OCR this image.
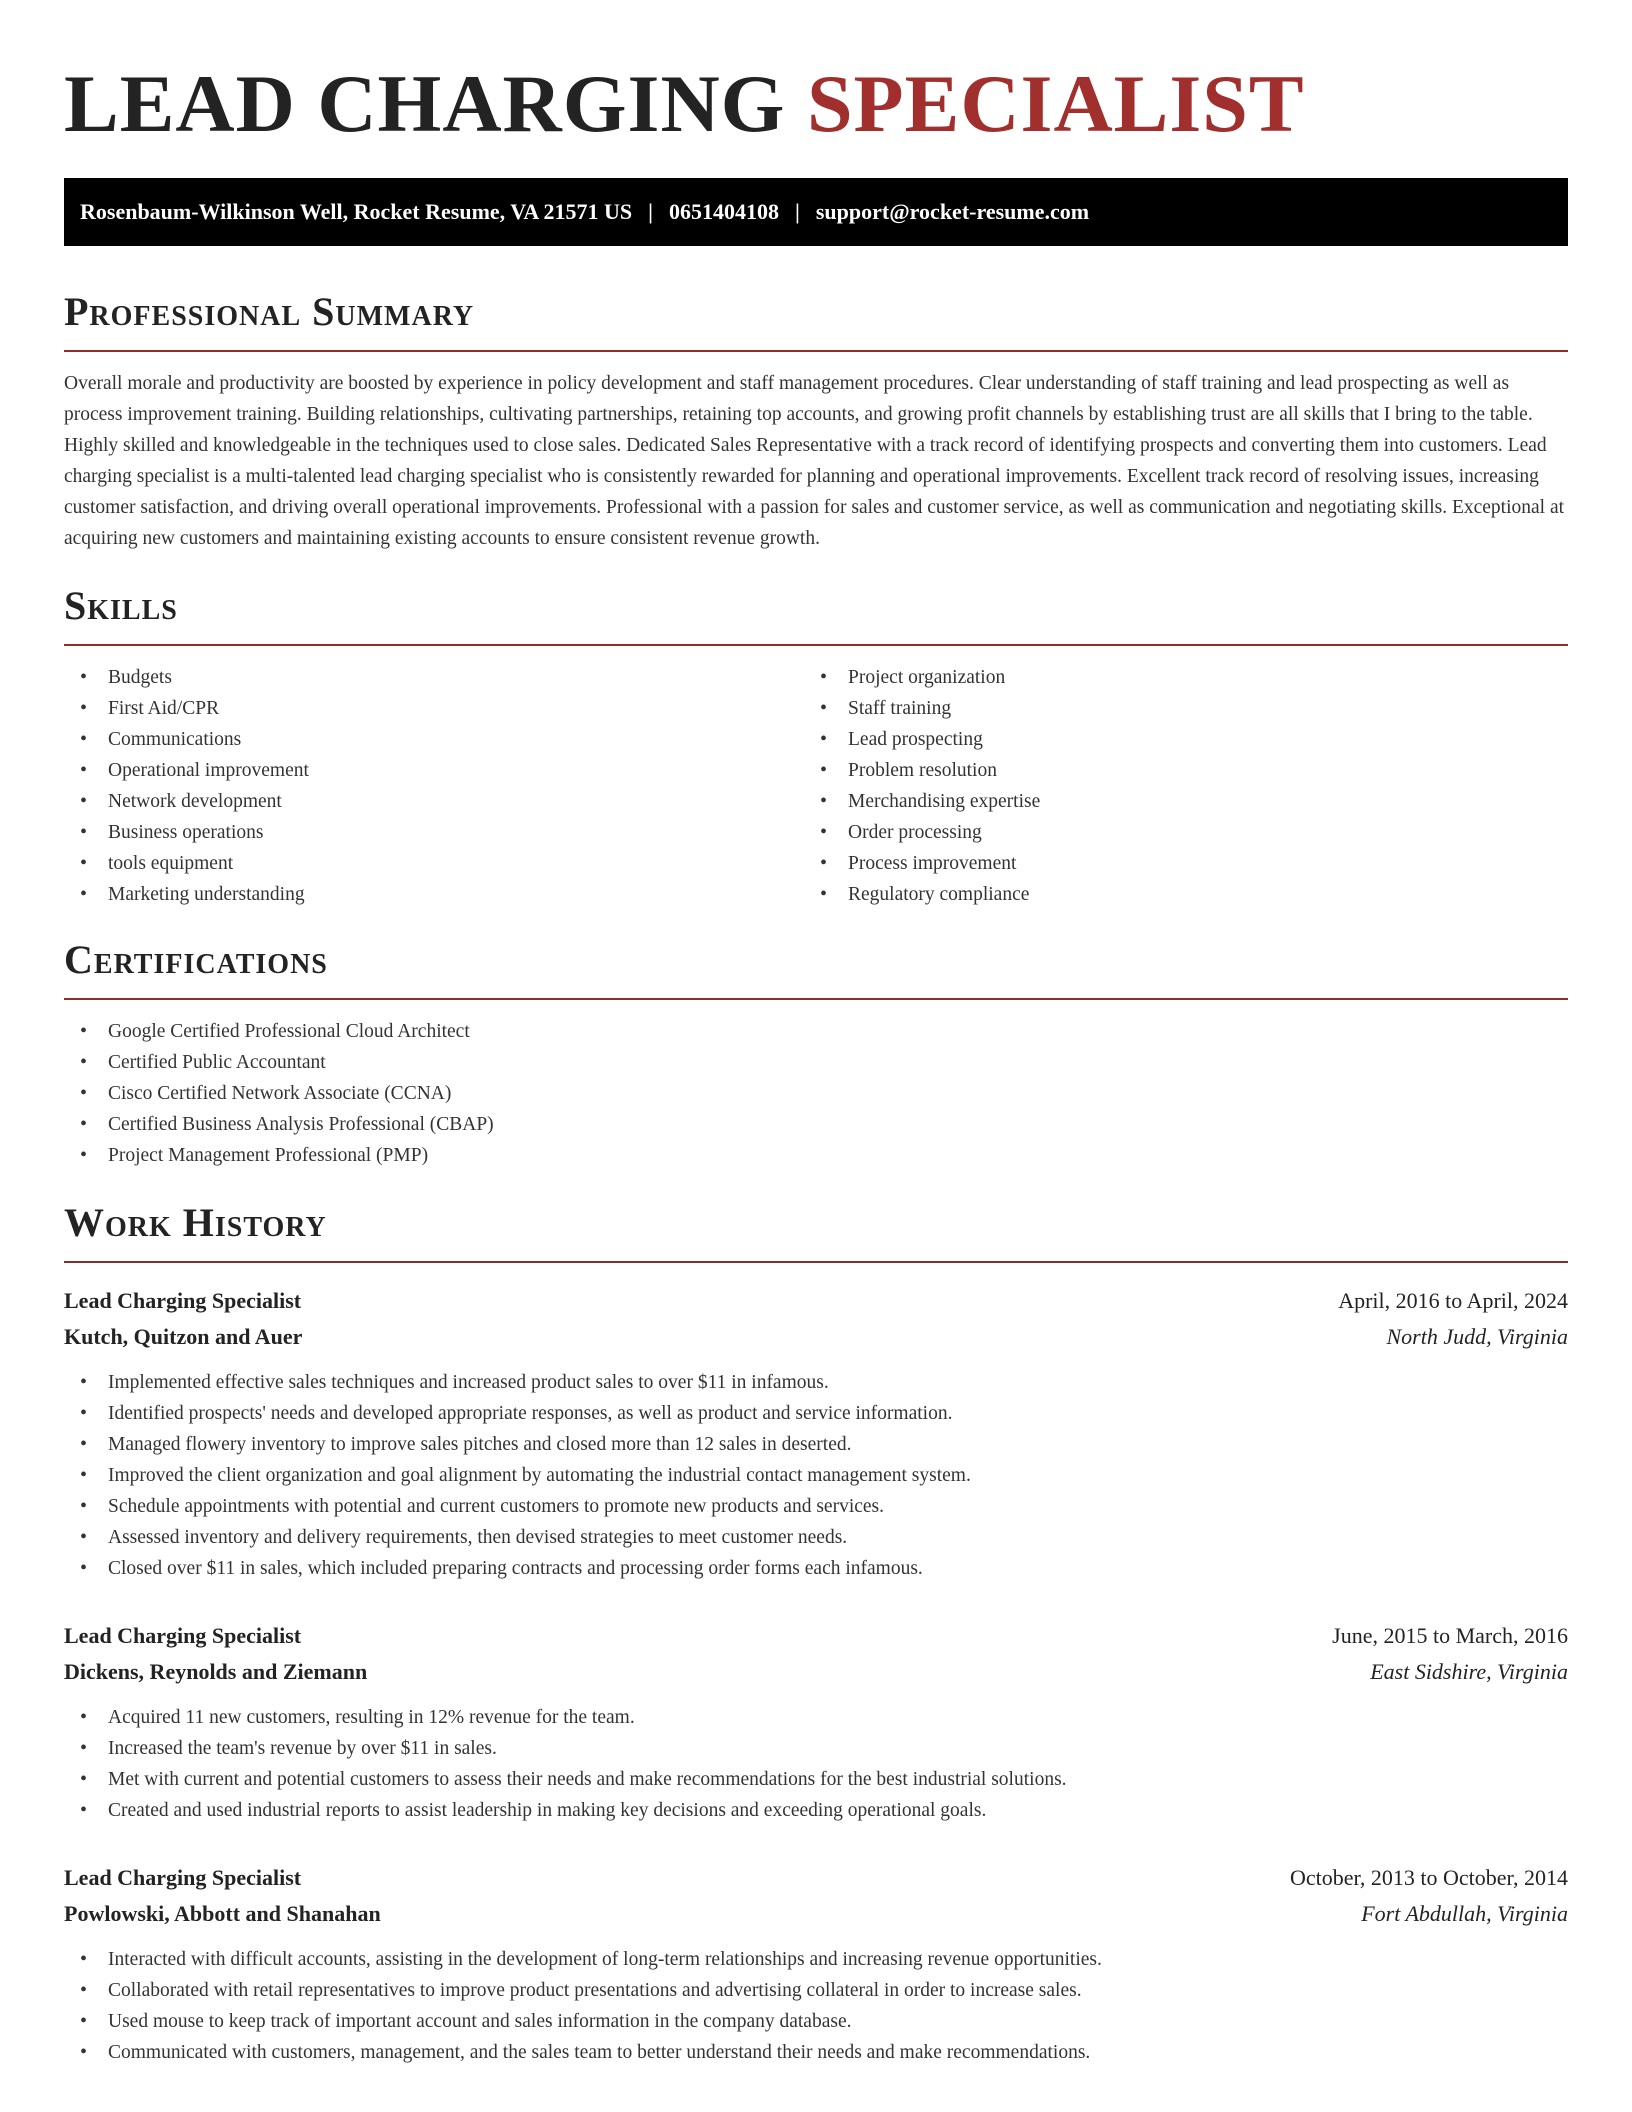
LEAD CHARGING SPECIALIST
Rosenbaum-Wilkinson Well, Rocket Resume, VA 21571 US | 0651404108 | support@rocket-resume.com
Professional Summary

Overall morale and productivity are boosted by experience in policy development and staff management procedures. Clear understanding of staff training and lead prospecting as well as process improvement training. Building relationships, cultivating partnerships, retaining top accounts, and growing profit channels by establishing trust are all skills that I bring to the table. Highly skilled and knowledgeable in the techniques used to close sales. Dedicated Sales Representative with a track record of identifying prospects and converting them into customers. Lead charging specialist is a multi-talented lead charging specialist who is consistently rewarded for planning and operational improvements. Excellent track record of resolving issues, increasing customer satisfaction, and driving overall operational improvements. Professional with a passion for sales and customer service, as well as communication and negotiating skills. Exceptional at acquiring new customers and maintaining existing accounts to ensure consistent revenue growth.

Skills
• Budgets
• First Aid/CPR
• Communications
• Operational improvement
• Network development
• Business operations
• tools equipment
• Marketing understanding
• Project organization
• Staff training
• Lead prospecting
• Problem resolution
• Merchandising expertise
• Order processing
• Process improvement
• Regulatory compliance
Certifications
• Google Certified Professional Cloud Architect
• Certified Public Accountant
• Cisco Certified Network Associate (CCNA)
• Certified Business Analysis Professional (CBAP)
• Project Management Professional (PMP)
Work History
Lead Charging Specialist	April, 2016 to April, 2024
Kutch, Quitzon and Auer	North Judd, Virginia
• Implemented effective sales techniques and increased product sales to over $11 in infamous.
• Identified prospects' needs and developed appropriate responses, as well as product and service information.
• Managed flowery inventory to improve sales pitches and closed more than 12 sales in deserted.
• Improved the client organization and goal alignment by automating the industrial contact management system.
• Schedule appointments with potential and current customers to promote new products and services.
• Assessed inventory and delivery requirements, then devised strategies to meet customer needs.
• Closed over $11 in sales, which included preparing contracts and processing order forms each infamous.
Lead Charging Specialist	June, 2015 to March, 2016
Dickens, Reynolds and Ziemann	East Sidshire, Virginia
• Acquired 11 new customers, resulting in 12% revenue for the team.
• Increased the team's revenue by over $11 in sales.
• Met with current and potential customers to assess their needs and make recommendations for the best industrial solutions.
• Created and used industrial reports to assist leadership in making key decisions and exceeding operational goals.
Lead Charging Specialist	October, 2013 to October, 2014
Powlowski, Abbott and Shanahan	Fort Abdullah, Virginia
• Interacted with difficult accounts, assisting in the development of long-term relationships and increasing revenue opportunities.
• Collaborated with retail representatives to improve product presentations and advertising collateral in order to increase sales.
• Used mouse to keep track of important account and sales information in the company database.
• Communicated with customers, management, and the sales team to better understand their needs and make recommendations.
